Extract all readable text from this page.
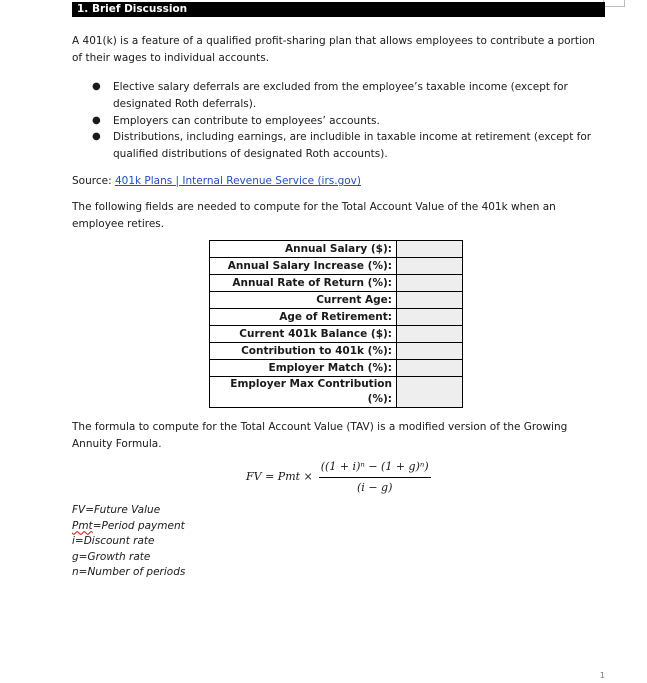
1. Brief Discussion
A 401(k) is a feature of a qualified profit-sharing plan that allows employees to contribute a portion of their wages to individual accounts.
● Elective salary deferrals are excluded from the employee’s taxable income (except for designated Roth deferrals).
● Employers can contribute to employees’ accounts.
● Distributions, including earnings, are includible in taxable income at retirement (except for qualified distributions of designated Roth accounts).
Source: 401k Plans | Internal Revenue Service (irs.gov)
The following fields are needed to compute for the Total Account Value of the 401k when an employee retires.
Annual Salary ($):	
Annual Salary Increase (%):	
Annual Rate of Return (%):	
Current Age:	
Age of Retirement:	
Current 401k Balance ($):	
Contribution to 401k (%):	
Employer Match (%):	
Employer Max Contribution (%):	
The formula to compute for the Total Account Value (TAV) is a modified version of the Growing Annuity Formula.
FV = Pmt × $\frac{\text{((1 + i)ⁿ − (1 + g)ⁿ)}}{(i - g)}$
FV=Future Value
Pmt=Period payment
i=Discount rate
g=Growth rate
n=Number of periods
1
